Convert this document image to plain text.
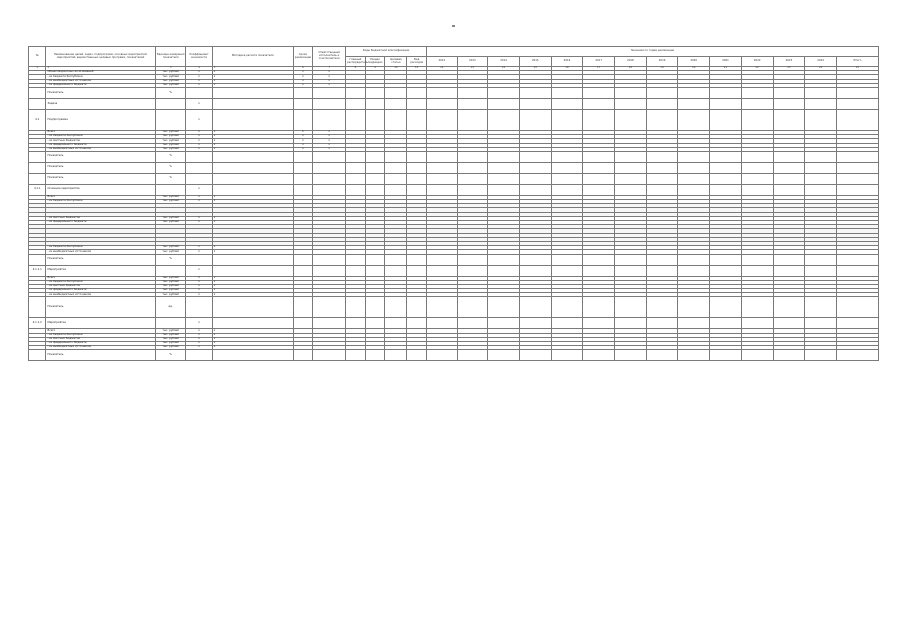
№	Наименование целей, задач, подпрограмм, основных мероприятий, мероприятий, ведомственных целевых программ, показателей	Единица измерения показателя	Коэффициент значимости	Методика расчета показателя	Сроки реализации	Ответственный исполнитель и соисполнители	Коды бюджетной классификации				Значения по годам реализации													
							Главный распорядитель	Раздел подраздел	Целевая статья	Вид расходов	2012	2013	2014	2015	2016	2017	2018	2019	2020	2021	2022	2023	2024	Итого
1	2	3	4	5	6	7	8	9	10	11	12	13	14	15	16	17	18	19	20	21	22	23	24	25
	Объем бюджетных ассигнований	тыс. рублей	х	х	х	х																		
	- из бюджета Республики	тыс. рублей	х	х	х	х																		
	- из внебюджетных источников	тыс. рублей	х	х	х	х																		
	- из федерального бюджета	тыс. рублей	х	х	х	х																		
	Показатель	%																						
	Задача		х																					
4.1	Подпрограмма		х																					
	Всего	тыс. рублей	х	х	х	х																		
	- из бюджета Республики	тыс. рублей	х	х	х	х																		
	- из местных бюджетов	тыс. рублей	х	х	х	х																		
	- из федерального бюджета	тыс. рублей	х	х	х	х																		
	- из внебюджетных источников	тыс. рублей	х	х	х	х																		
	Показатель	%																						
	Показатель	%																						
	Показатель	%																						
4.1.1	Основное мероприятие		х																					
	Всего	тыс. рублей	х	х																				
	- из бюджета Республики	тыс. рублей	х	х																				

	- из местных бюджетов	тыс. рублей	х	х																				
	- из федерального бюджета	тыс. рублей	х	х																				

	- из бюджета Республики	тыс. рублей	х	х																				
	- из внебюджетных источников	тыс. рублей	х	х																				
	Показатель	%																						
4.1.1.1	Мероприятие		х																					
	Всего	тыс. рублей	х	х																				
	- из бюджета Республики	тыс. рублей	х	х																				
	- из местных бюджетов	тыс. рублей	х	х																				
	- из федерального бюджета	тыс. рублей	х	х																				
	- из внебюджетных источников	тыс. рублей	х	х																				
	Показатель	ед.																						
4.1.1.2	Мероприятие		х																					
	Всего	тыс. рублей	х	х																				
	- из бюджета Республики	тыс. рублей	х	х																				
	- из местных бюджетов	тыс. рублей	х	х																				
	- из федерального бюджета	тыс. рублей	х	х																				
	- из внебюджетных источников	тыс. рублей	х	х																				
	Показатель	%																						
